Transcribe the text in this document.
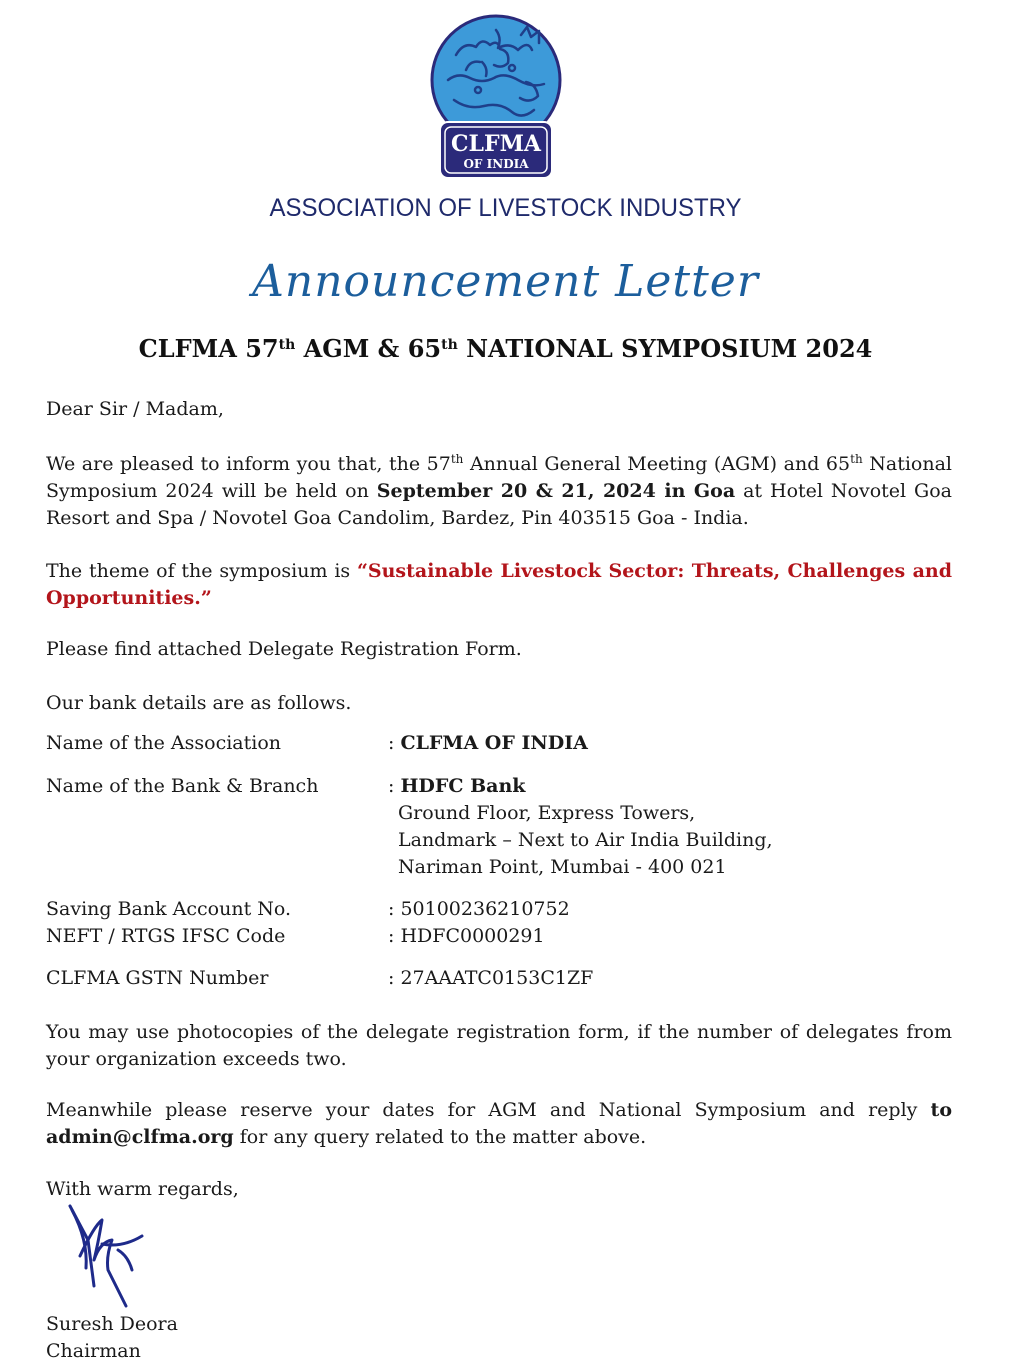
CLFMA
OF INDIA
ASSOCIATION OF LIVESTOCK INDUSTRY
Announcement Letter
CLFMA 57th AGM & 65th NATIONAL SYMPOSIUM 2024
Dear Sir / Madam,
We are pleased to inform you that, the 57th Annual General Meeting (AGM) and 65th National Symposium 2024 will be held on September 20 & 21, 2024 in Goa at Hotel Novotel Goa Resort and Spa / Novotel Goa Candolim, Bardez, Pin 403515 Goa - India.
The theme of the symposium is “Sustainable Livestock Sector: Threats, Challenges and Opportunities.”
Please find attached Delegate Registration Form.
Our bank details are as follows.
Name of the Association	: CLFMA OF INDIA
Name of the Bank & Branch	: HDFC Bank
Ground Floor, Express Towers,
Landmark – Next to Air India Building,
Nariman Point, Mumbai - 400 021
Saving Bank Account No.	: 50100236210752
NEFT / RTGS IFSC Code	: HDFC0000291
CLFMA GSTN Number	: 27AAATC0153C1ZF
You may use photocopies of the delegate registration form, if the number of delegates from your organization exceeds two.
Meanwhile please reserve your dates for AGM and National Symposium and reply to admin@clfma.org for any query related to the matter above.
With warm regards,
Suresh Deora
Chairman
